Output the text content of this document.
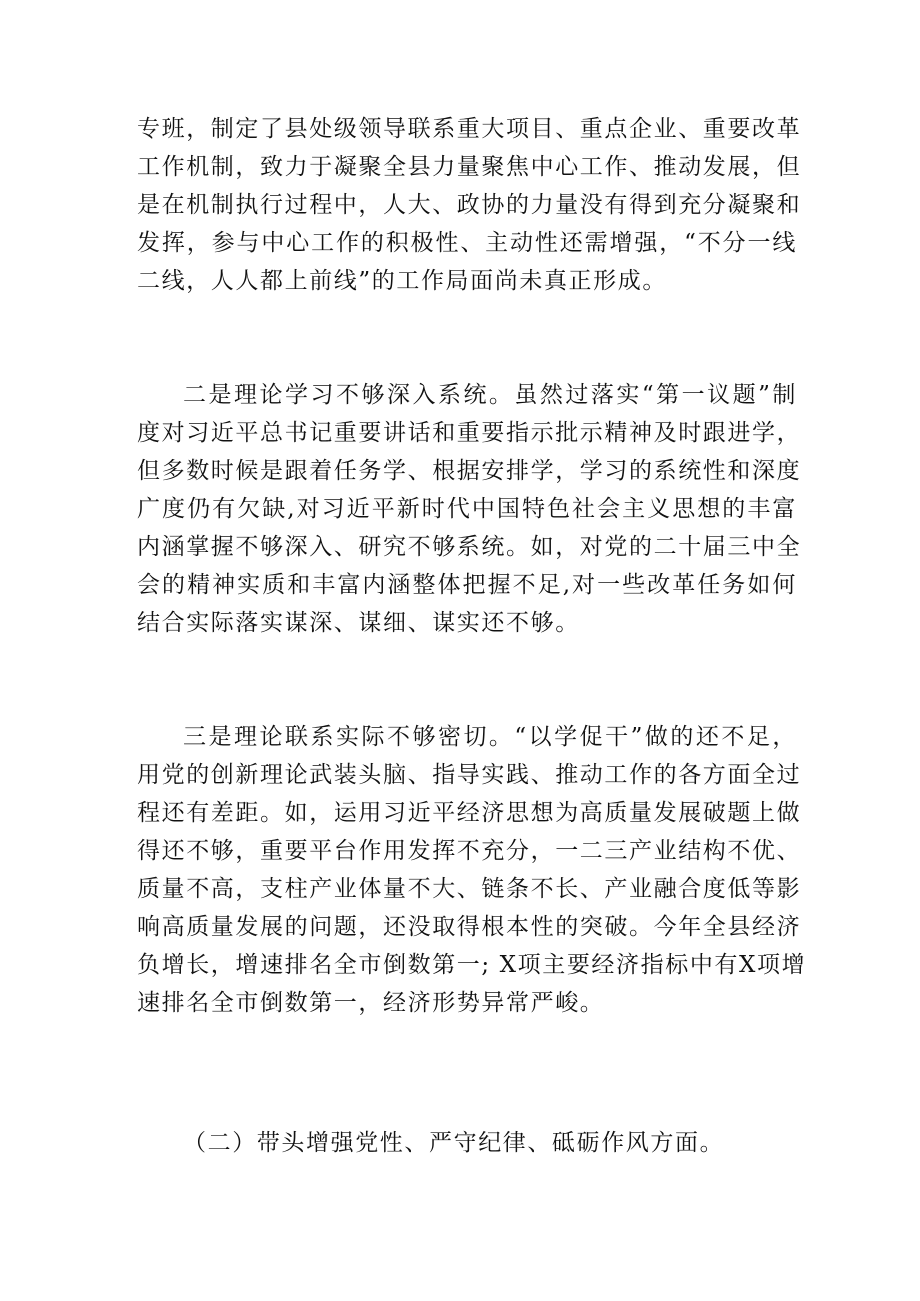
专班，制定了县处级领导联系重大项目、重点企业、重要改革
工作机制，致力于凝聚全县力量聚焦中心工作、推动发展，但
是在机制执行过程中，人大、政协的力量没有得到充分凝聚和
发挥，参与中心工作的积极性、主动性还需增强，“不分一线
二线，人人都上前线”的工作局面尚未真正形成。
二是理论学习不够深入系统。虽然过落实“第一议题”制
度对习近平总书记重要讲话和重要指示批示精神及时跟进学，
但多数时候是跟着任务学、根据安排学，学习的系统性和深度
广度仍有欠缺,对习近平新时代中国特色社会主义思想的丰富
内涵掌握不够深入、研究不够系统。如，对党的二十届三中全
会的精神实质和丰富内涵整体把握不足,对一些改革任务如何
结合实际落实谋深、谋细、谋实还不够。
三是理论联系实际不够密切。“以学促干”做的还不足，
用党的创新理论武装头脑、指导实践、推动工作的各方面全过
程还有差距。如，运用习近平经济思想为高质量发展破题上做
得还不够，重要平台作用发挥不充分，一二三产业结构不优、
质量不高，支柱产业体量不大、链条不长、产业融合度低等影
响高质量发展的问题，还没取得根本性的突破。今年全县经济
负增长，增速排名全市倒数第一; X项主要经济指标中有X项增
速排名全市倒数第一，经济形势异常严峻。
（二）带头增强党性、严守纪律、砥砺作风方面。
